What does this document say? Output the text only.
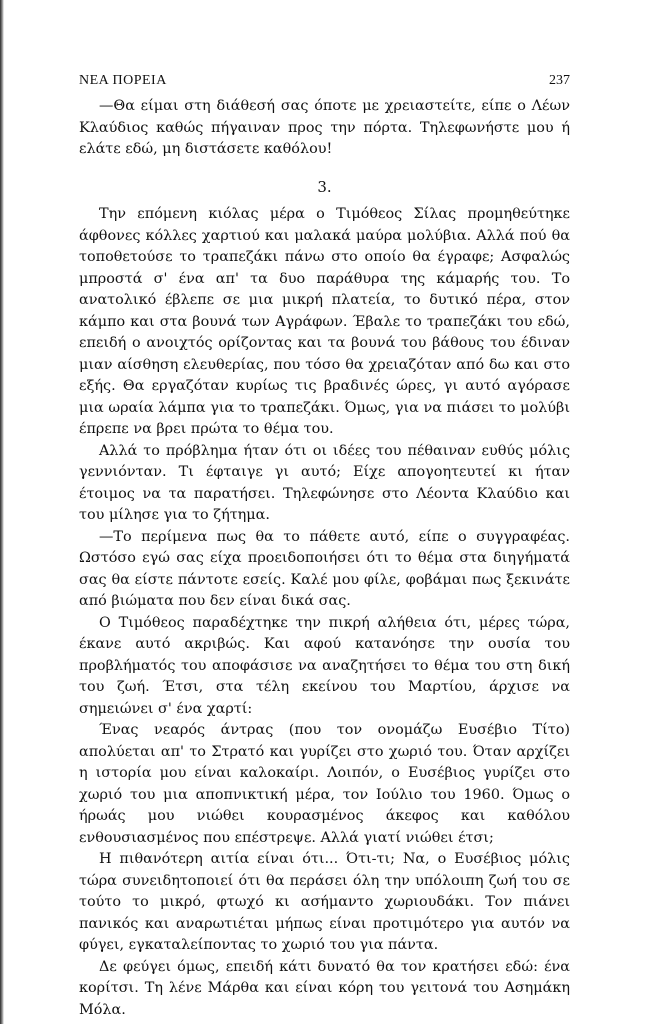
ΝΕΑ ΠΟΡΕΙΑ	237

—Θα είμαι στη διάθεσή σας όποτε με χρειαστείτε, είπε ο Λέων Κλαύδιος καθώς πήγαιναν προς την πόρτα. Τηλεφωνήστε μου ή ελάτε εδώ, μη διστάσετε καθόλου!

3.

Την επόμενη κιόλας μέρα ο Τιμόθεος Σίλας προμηθεύτηκε άφθονες κόλλες χαρτιού και μαλακά μαύρα μολύβια. Αλλά πού θα τοποθετούσε το τραπεζάκι πάνω στο οποίο θα έγραφε; Ασφαλώς μπροστά σ' ένα απ' τα δυο παράθυρα της κάμαρής του. Το ανατολικό έβλεπε σε μια μικρή πλατεία, το δυτικό πέρα, στον κάμπο και στα βουνά των Αγράφων. Έβαλε το τραπεζάκι του εδώ, επειδή ο ανοιχτός ορίζοντας και τα βουνά του βάθους του έδιναν μιαν αίσθηση ελευθερίας, που τόσο θα χρειαζόταν από δω και στο εξής. Θα εργαζόταν κυρίως τις βραδινές ώρες, γι αυτό αγόρασε μια ωραία λάμπα για το τραπεζάκι. Όμως, για να πιάσει το μολύβι έπρεπε να βρει πρώτα το θέμα του.

Αλλά το πρόβλημα ήταν ότι οι ιδέες του πέθαιναν ευθύς μόλις γεννιόνταν. Τι έφταιγε γι αυτό; Είχε απογοητευτεί κι ήταν έτοιμος να τα παρατήσει. Τηλεφώνησε στο Λέοντα Κλαύδιο και του μίλησε για το ζήτημα.

—Το περίμενα πως θα το πάθετε αυτό, είπε ο συγγραφέας. Ωστόσο εγώ σας είχα προειδοποιήσει ότι το θέμα στα διηγήματά σας θα είστε πάντοτε εσείς. Καλέ μου φίλε, φοβάμαι πως ξεκινάτε από βιώματα που δεν είναι δικά σας.

Ο Τιμόθεος παραδέχτηκε την πικρή αλήθεια ότι, μέρες τώρα, έκανε αυτό ακριβώς. Και αφού κατανόησε την ουσία του προβλήματός του αποφάσισε να αναζητήσει το θέμα του στη δική του ζωή. Έτσι, στα τέλη εκείνου του Μαρτίου, άρχισε να σημειώνει σ' ένα χαρτί:

Ένας νεαρός άντρας (που τον ονομάζω Ευσέβιο Τίτο) απολύεται απ' το Στρατό και γυρίζει στο χωριό του. Όταν αρχίζει η ιστορία μου είναι καλοκαίρι. Λοιπόν, ο Ευσέβιος γυρίζει στο χωριό του μια αποπνικτική μέρα, τον Ιούλιο του 1960. Όμως ο ήρωάς μου νιώθει κουρασμένος άκεφος και καθόλου ενθουσιασμένος που επέστρεψε. Αλλά γιατί νιώθει έτσι;

Η πιθανότερη αιτία είναι ότι... Ότι-τι; Να, ο Ευσέβιος μόλις τώρα συνειδητοποιεί ότι θα περάσει όλη την υπόλοιπη ζωή του σε τούτο το μικρό, φτωχό κι ασήμαντο χωριουδάκι. Τον πιάνει πανικός και αναρωτιέται μήπως είναι προτιμότερο για αυτόν να φύγει, εγκαταλείποντας το χωριό του για πάντα.

Δε φεύγει όμως, επειδή κάτι δυνατό θα τον κρατήσει εδώ: ένα κορίτσι. Τη λένε Μάρθα και είναι κόρη του γειτονά του Ασημάκη Μόλα.
